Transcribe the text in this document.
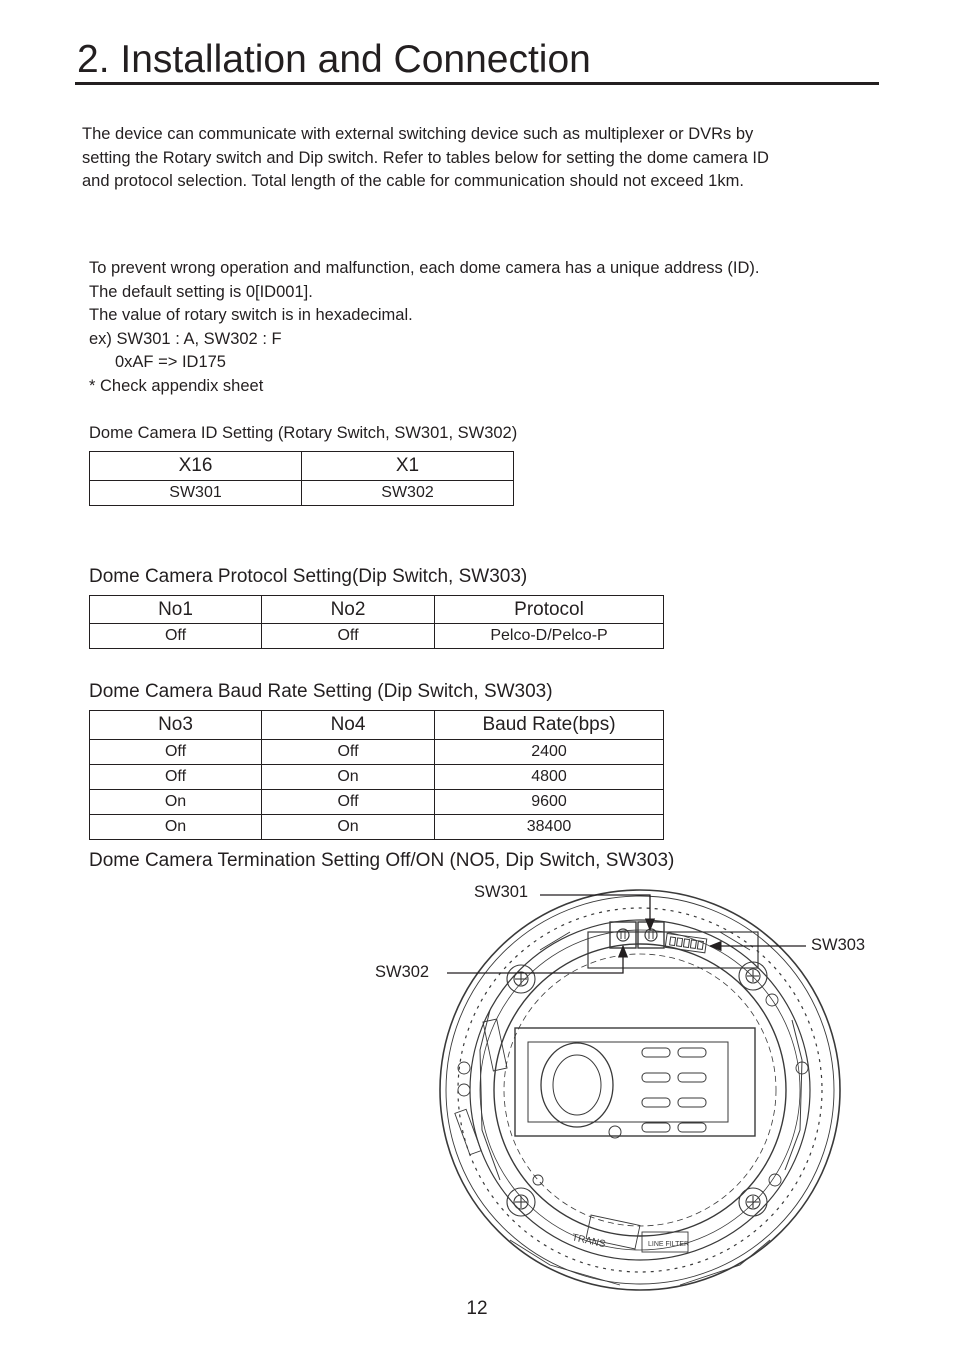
2. Installation and Connection
The device can communicate with external switching device such as multiplexer or DVRs by
setting the Rotary switch and Dip switch. Refer to tables below for setting the dome camera ID
and protocol selection. Total length of the cable for communication should not exceed 1km.
To prevent wrong operation and malfunction, each dome camera has a unique address (ID).
The default setting is 0[ID001].
The value of rotary switch is in hexadecimal.
ex) SW301 : A, SW302 : F
0xAF => ID175
* Check appendix sheet
Dome Camera ID Setting (Rotary Switch, SW301, SW302)
X16	X1
SW301	SW302
Dome Camera Protocol Setting(Dip Switch, SW303)
No1	No2	Protocol
Off	Off	Pelco-D/Pelco-P
Dome Camera Baud Rate Setting (Dip Switch, SW303)
No3	No4	Baud Rate(bps)
Off	Off	2400
Off	On	4800
On	Off	9600
On	On	38400
Dome Camera Termination Setting Off/ON (NO5, Dip Switch, SW303)
SW301
SW302
SW303
TRANS	LINE FILTER
12
